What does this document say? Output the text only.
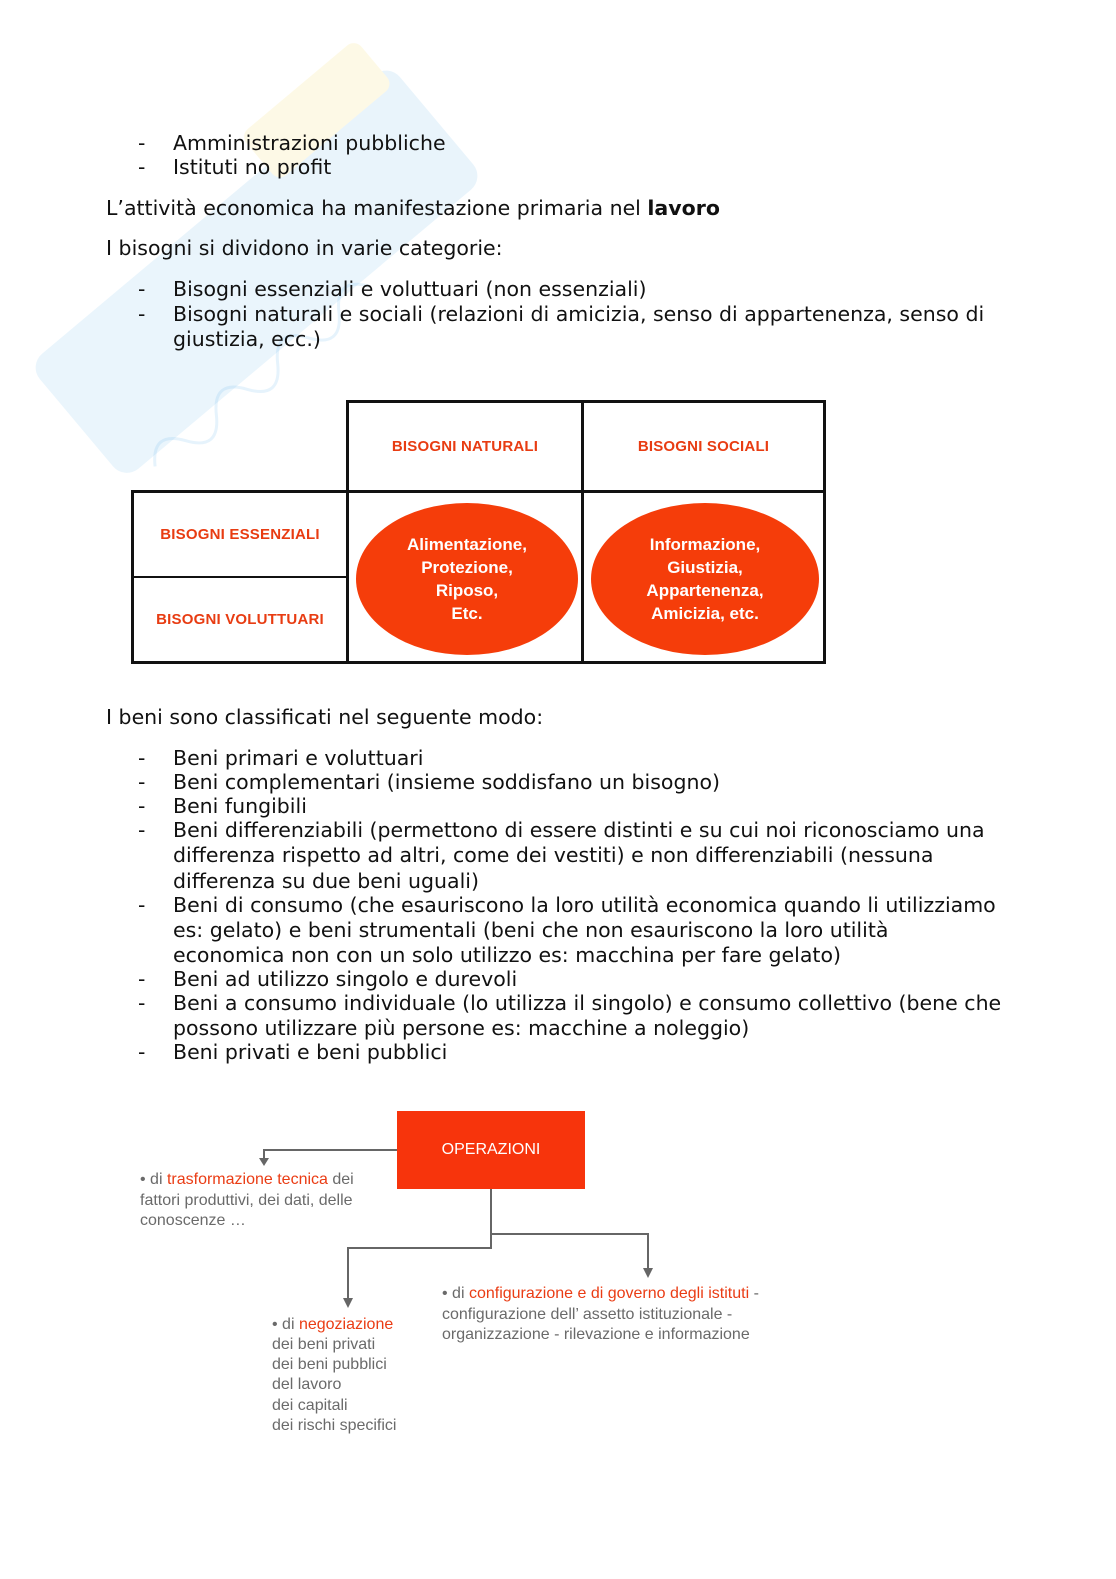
- Amministrazioni pubbliche
- Istituti no profit
L’attività economica ha manifestazione primaria nel lavoro
I bisogni si dividono in varie categorie:
- Bisogni essenziali e voluttuari (non essenziali)
- Bisogni naturali e sociali (relazioni di amicizia, senso di appartenenza, senso di
giustizia, ecc.)
BISOGNI NATURALI	BISOGNI SOCIALI
BISOGNI ESSENZIALI
BISOGNI VOLUTTUARI
Alimentazione,
Protezione,
Riposo,
Etc.
Informazione,
Giustizia,
Appartenenza,
Amicizia, etc.
I beni sono classificati nel seguente modo:
- Beni primari e voluttuari
- Beni complementari (insieme soddisfano un bisogno)
- Beni fungibili
- Beni differenziabili (permettono di essere distinti e su cui noi riconosciamo una
differenza rispetto ad altri, come dei vestiti) e non differenziabili (nessuna
differenza su due beni uguali)
- Beni di consumo (che esauriscono la loro utilità economica quando li utilizziamo
es: gelato) e beni strumentali (beni che non esauriscono la loro utilità
economica non con un solo utilizzo es: macchina per fare gelato)
- Beni ad utilizzo singolo e durevoli
- Beni a consumo individuale (lo utilizza il singolo) e consumo collettivo (bene che
possono utilizzare più persone es: macchine a noleggio)
- Beni privati e beni pubblici
OPERAZIONI
• di trasformazione tecnica dei
fattori produttivi, dei dati, delle
conoscenze …
• di configurazione e di governo degli istituti -
configurazione dell’ assetto istituzionale -
organizzazione - rilevazione e informazione
• di negoziazione
dei beni privati
dei beni pubblici
del lavoro
dei capitali
dei rischi specifici
